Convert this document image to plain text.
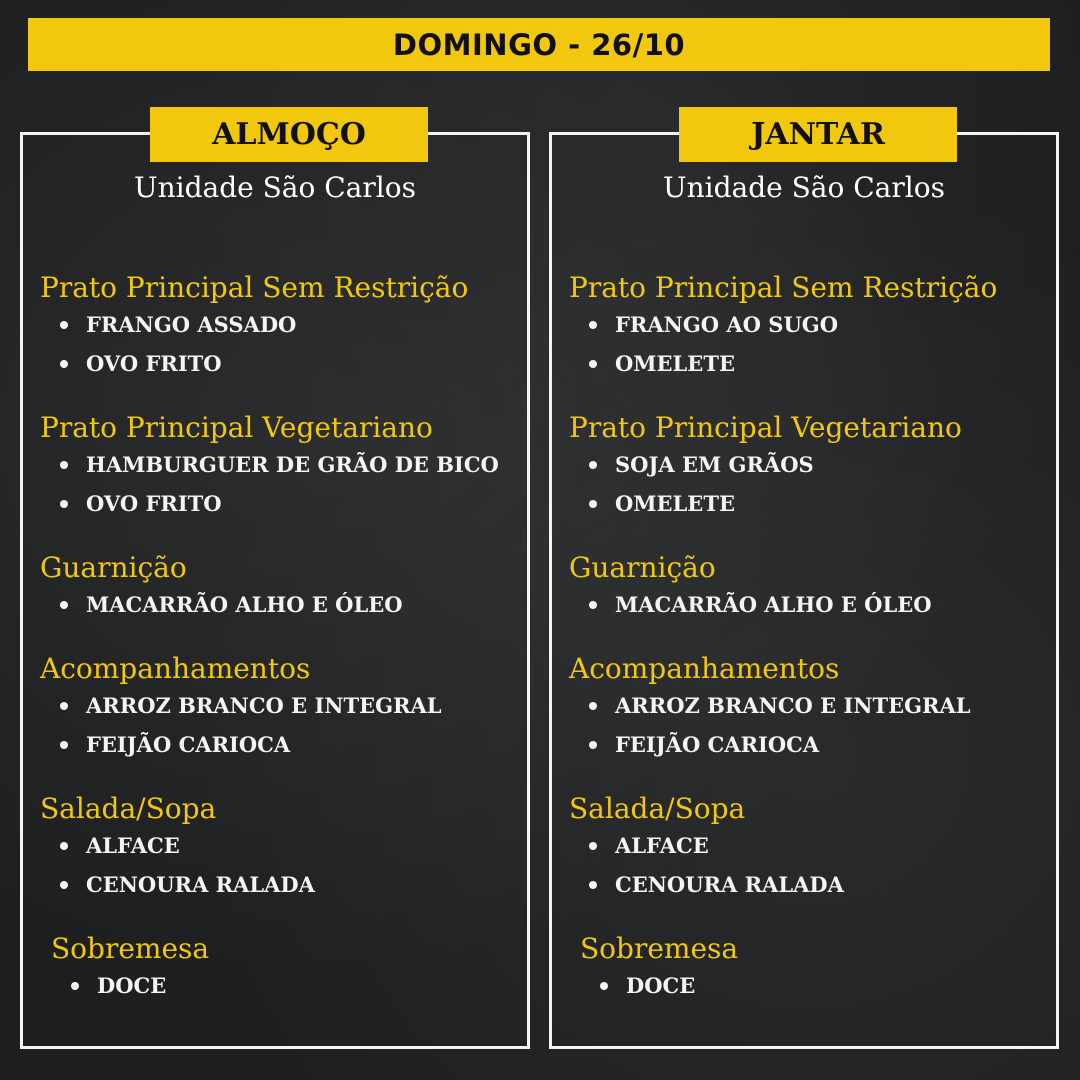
DOMINGO - 26/10
ALMOÇO
Unidade São Carlos
Prato Principal Sem Restrição
FRANGO ASSADO
OVO FRITO
Prato Principal Vegetariano
HAMBURGUER DE GRÃO DE BICO
OVO FRITO
Guarnição
MACARRÃO ALHO E ÓLEO
Acompanhamentos
ARROZ BRANCO E INTEGRAL
FEIJÃO CARIOCA
Salada/Sopa
ALFACE
CENOURA RALADA
Sobremesa
DOCE
JANTAR
Unidade São Carlos
Prato Principal Sem Restrição
FRANGO AO SUGO
OMELETE
Prato Principal Vegetariano
SOJA EM GRÃOS
OMELETE
Guarnição
MACARRÃO ALHO E ÓLEO
Acompanhamentos
ARROZ BRANCO E INTEGRAL
FEIJÃO CARIOCA
Salada/Sopa
ALFACE
CENOURA RALADA
Sobremesa
DOCE
